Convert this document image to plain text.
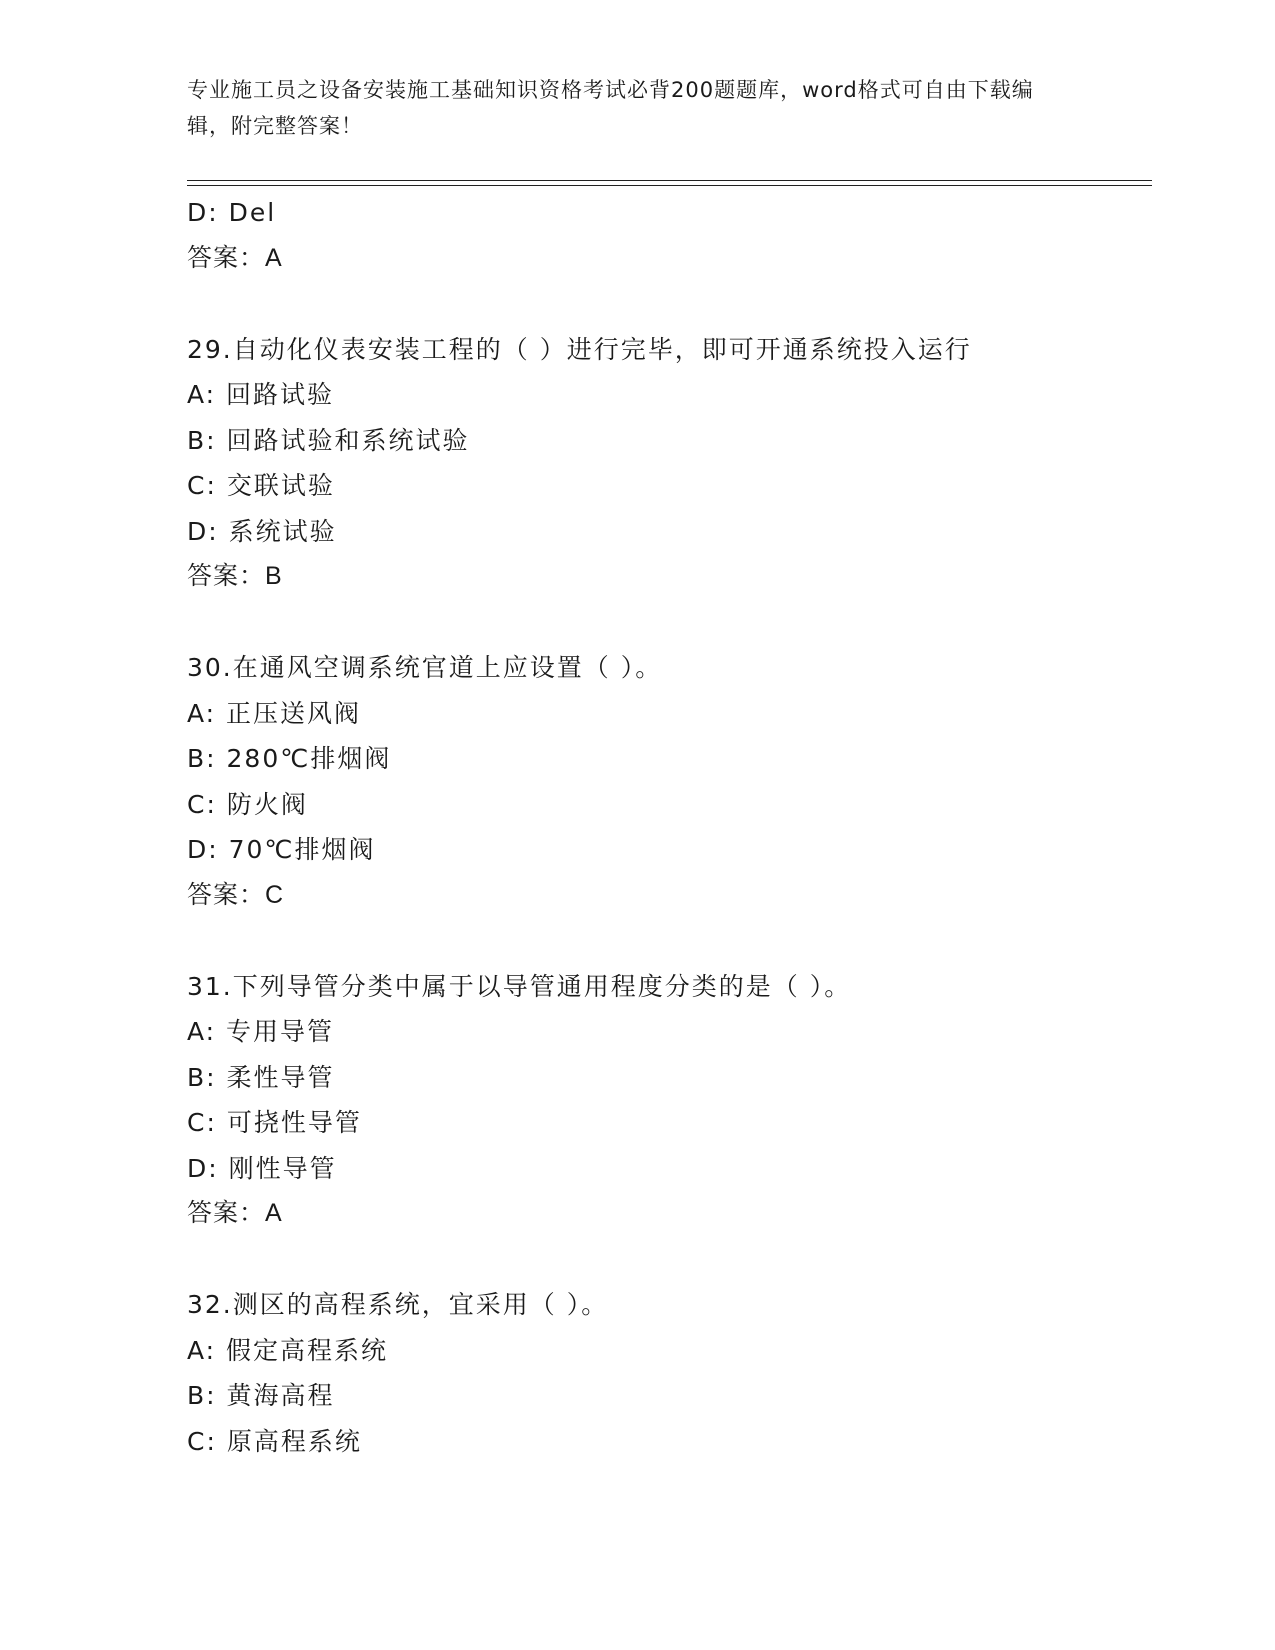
专业施工员之设备安装施工基础知识资格考试必背200题题库，word格式可自由下载编辑，附完整答案！
D: Del
答案：A
29.自动化仪表安装工程的（ ）进行完毕，即可开通系统投入运行
A: 回路试验
B: 回路试验和系统试验
C: 交联试验
D: 系统试验
答案：B
30.在通风空调系统官道上应设置（ ）。
A: 正压送风阀
B: 280℃排烟阀
C: 防火阀
D: 70℃排烟阀
答案：C
31.下列导管分类中属于以导管通用程度分类的是（ ）。
A: 专用导管
B: 柔性导管
C: 可挠性导管
D: 刚性导管
答案：A
32.测区的高程系统，宜采用（ ）。
A: 假定高程系统
B: 黄海高程
C: 原高程系统
